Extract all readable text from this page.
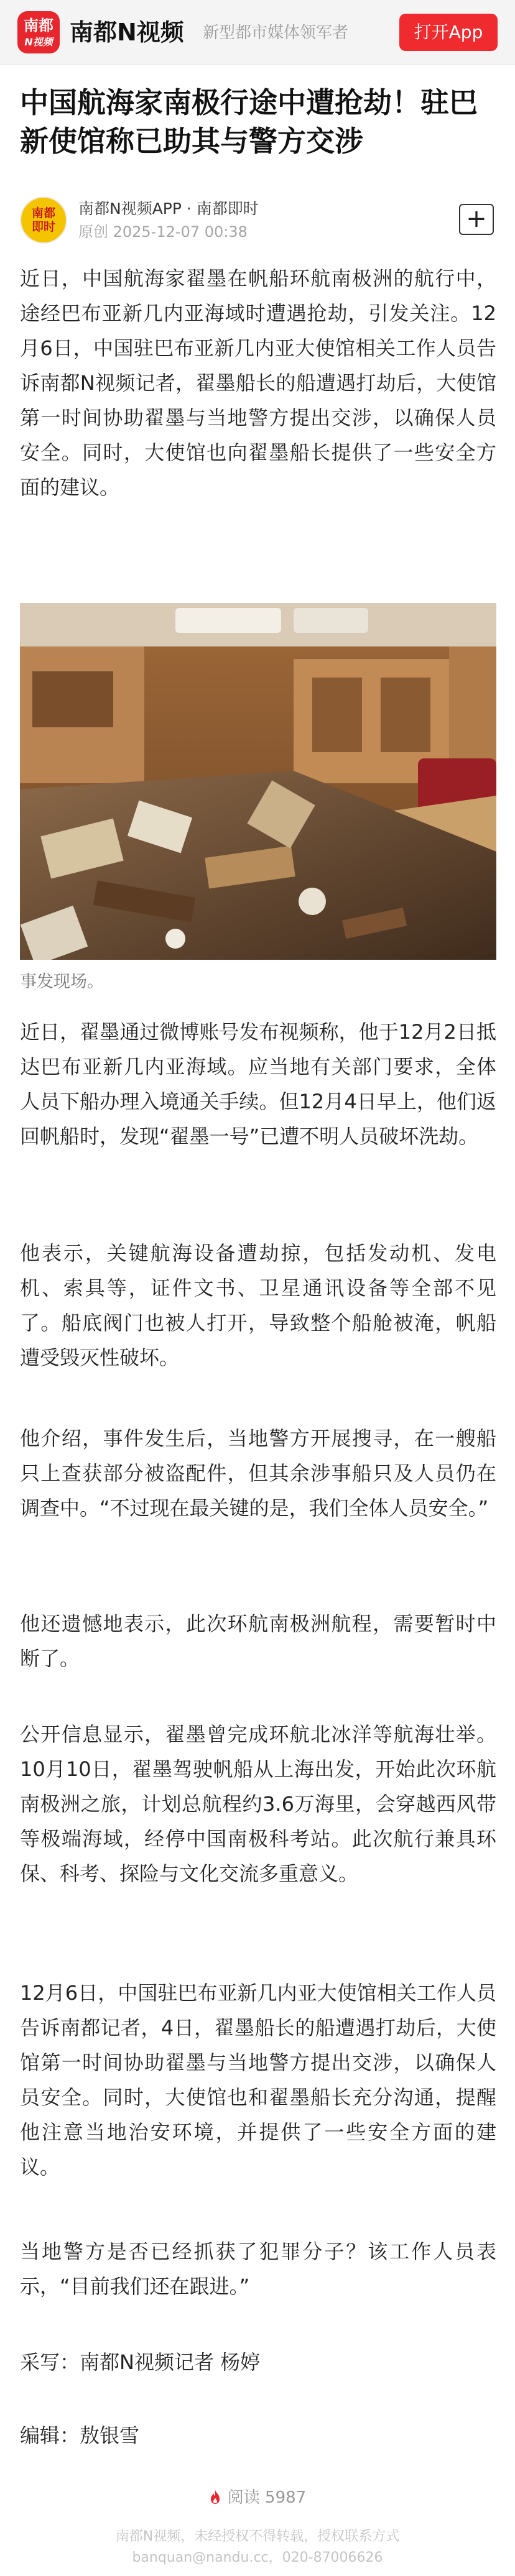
南都
N视频 南都N视频 新型都市媒体领军者	打开App
中国航海家南极行途中遭抢劫！驻巴新使馆称已助其与警方交涉
南都
即时
南都N视频APP · 南都即时
原创 2025-12-07 00:38	+

近日，中国航海家翟墨在帆船环航南极洲的航行中，途经巴布亚新几内亚海域时遭遇抢劫，引发关注。12月6日，中国驻巴布亚新几内亚大使馆相关工作人员告诉南都N视频记者，翟墨船长的船遭遇打劫后，大使馆第一时间协助翟墨与当地警方提出交涉，以确保人员安全。同时，大使馆也向翟墨船长提供了一些安全方面的建议。

事发现场。

近日，翟墨通过微博账号发布视频称，他于12月2日抵达巴布亚新几内亚海域。应当地有关部门要求，全体人员下船办理入境通关手续。但12月4日早上，他们返回帆船时，发现“翟墨一号”已遭不明人员破坏洗劫。

他表示，关键航海设备遭劫掠，包括发动机、发电机、索具等，证件文书、卫星通讯设备等全部不见了。船底阀门也被人打开，导致整个船舱被淹，帆船遭受毁灭性破坏。

他介绍，事件发生后，当地警方开展搜寻，在一艘船只上查获部分被盗配件，但其余涉事船只及人员仍在调查中。“不过现在最关键的是，我们全体人员安全。”

他还遗憾地表示，此次环航南极洲航程，需要暂时中断了。

公开信息显示，翟墨曾完成环航北冰洋等航海壮举。10月10日，翟墨驾驶帆船从上海出发，开始此次环航南极洲之旅，计划总航程约3.6万海里，会穿越西风带等极端海域，经停中国南极科考站。此次航行兼具环保、科考、探险与文化交流多重意义。

12月6日，中国驻巴布亚新几内亚大使馆相关工作人员告诉南都记者，4日，翟墨船长的船遭遇打劫后，大使馆第一时间协助翟墨与当地警方提出交涉，以确保人员安全。同时，大使馆也和翟墨船长充分沟通，提醒他注意当地治安环境，并提供了一些安全方面的建议。

当地警方是否已经抓获了犯罪分子？该工作人员表示，“目前我们还在跟进。”

采写：南都N视频记者 杨婷

编辑：敖银雪

阅读 5987
南都N视频，未经授权不得转载，授权联系方式
banquan@nandu.cc，020-87006626
